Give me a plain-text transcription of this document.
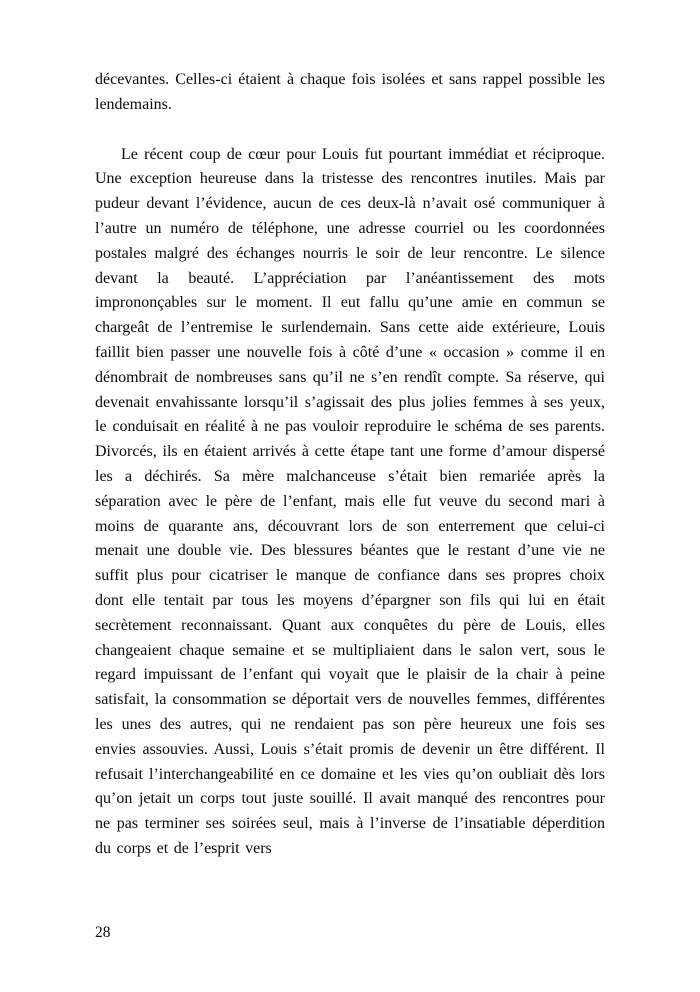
décevantes. Celles-ci étaient à chaque fois isolées et sans rappel possible les lendemains.

Le récent coup de cœur pour Louis fut pourtant immédiat et réciproque. Une exception heureuse dans la tristesse des rencontres inutiles. Mais par pudeur devant l’évidence, aucun de ces deux-là n’avait osé communiquer à l’autre un numéro de téléphone, une adresse courriel ou les coordonnées postales malgré des échanges nourris le soir de leur rencontre. Le silence devant la beauté. L’appréciation par l’anéantissement des mots imprononçables sur le moment. Il eut fallu qu’une amie en commun se chargeât de l’entremise le surlendemain. Sans cette aide extérieure, Louis faillit bien passer une nouvelle fois à côté d’une « occasion » comme il en dénombrait de nombreuses sans qu’il ne s’en rendît compte. Sa réserve, qui devenait envahissante lorsqu’il s’agissait des plus jolies femmes à ses yeux, le conduisait en réalité à ne pas vouloir reproduire le schéma de ses parents. Divorcés, ils en étaient arrivés à cette étape tant une forme d’amour dispersé les a déchirés. Sa mère malchanceuse s’était bien remariée après la séparation avec le père de l’enfant, mais elle fut veuve du second mari à moins de quarante ans, découvrant lors de son enterrement que celui-ci menait une double vie. Des blessures béantes que le restant d’une vie ne suffit plus pour cicatriser le manque de confiance dans ses propres choix dont elle tentait par tous les moyens d’épargner son fils qui lui en était secrètement reconnaissant. Quant aux conquêtes du père de Louis, elles changeaient chaque semaine et se multipliaient dans le salon vert, sous le regard impuissant de l’enfant qui voyait que le plaisir de la chair à peine satisfait, la consommation se déportait vers de nouvelles femmes, différentes les unes des autres, qui ne rendaient pas son père heureux une fois ses envies assouvies. Aussi, Louis s’était promis de devenir un être différent. Il refusait l’interchangeabilité en ce domaine et les vies qu’on oubliait dès lors qu’on jetait un corps tout juste souillé. Il avait manqué des rencontres pour ne pas terminer ses soirées seul, mais à l’inverse de l’insatiable déperdition du corps et de l’esprit vers

28
